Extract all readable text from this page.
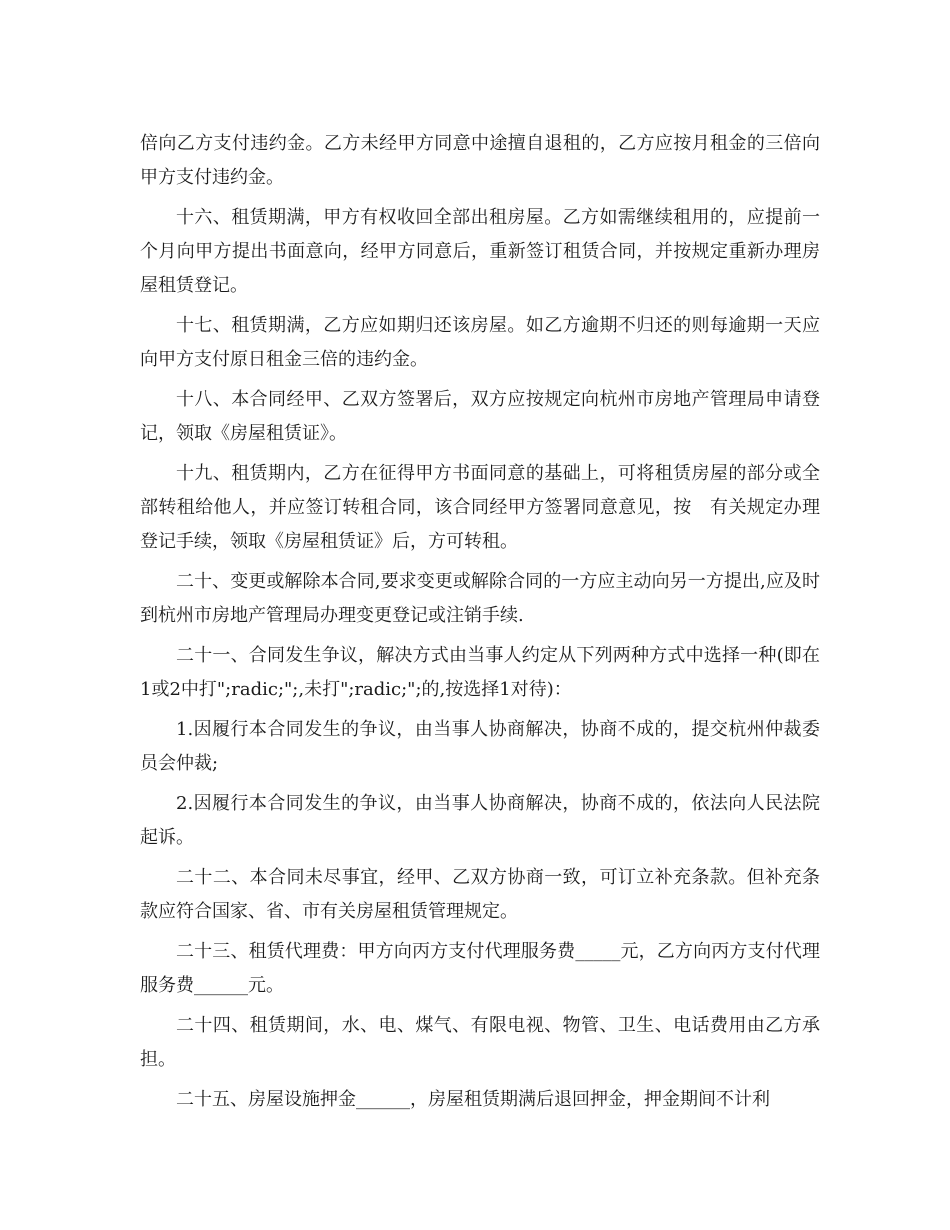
倍向乙方支付违约金。乙方未经甲方同意中途擅自退租的，乙方应按月租金的三倍向甲方支付违约金。

十六、租赁期满，甲方有权收回全部出租房屋。乙方如需继续租用的，应提前一个月向甲方提出书面意向，经甲方同意后，重新签订租赁合同，并按规定重新办理房屋租赁登记。

十七、租赁期满，乙方应如期归还该房屋。如乙方逾期不归还的则每逾期一天应向甲方支付原日租金三倍的违约金。

十八、本合同经甲、乙双方签署后，双方应按规定向杭州市房地产管理局申请登记，领取《房屋租赁证》。

十九、租赁期内，乙方在征得甲方书面同意的基础上，可将租赁房屋的部分或全部转租给他人，并应签订转租合同，该合同经甲方签署同意意见，按　有关规定办理登记手续，领取《房屋租赁证》后，方可转租。

二十、变更或解除本合同,要求变更或解除合同的一方应主动向另一方提出,应及时到杭州市房地产管理局办理变更登记或注销手续.

二十一、合同发生争议，解决方式由当事人约定从下列两种方式中选择一种(即在1或2中打";radic;";,未打";radic;";的,按选择1对待)：

1.因履行本合同发生的争议，由当事人协商解决，协商不成的，提交杭州仲裁委员会仲裁;

2.因履行本合同发生的争议，由当事人协商解决，协商不成的，依法向人民法院起诉。

二十二、本合同未尽事宜，经甲、乙双方协商一致，可订立补充条款。但补充条款应符合国家、省、市有关房屋租赁管理规定。

二十三、租赁代理费：甲方向丙方支付代理服务费_____元，乙方向丙方支付代理服务费______元。

二十四、租赁期间，水、电、煤气、有限电视、物管、卫生、电话费用由乙方承担。

二十五、房屋设施押金______，房屋租赁期满后退回押金，押金期间不计利
